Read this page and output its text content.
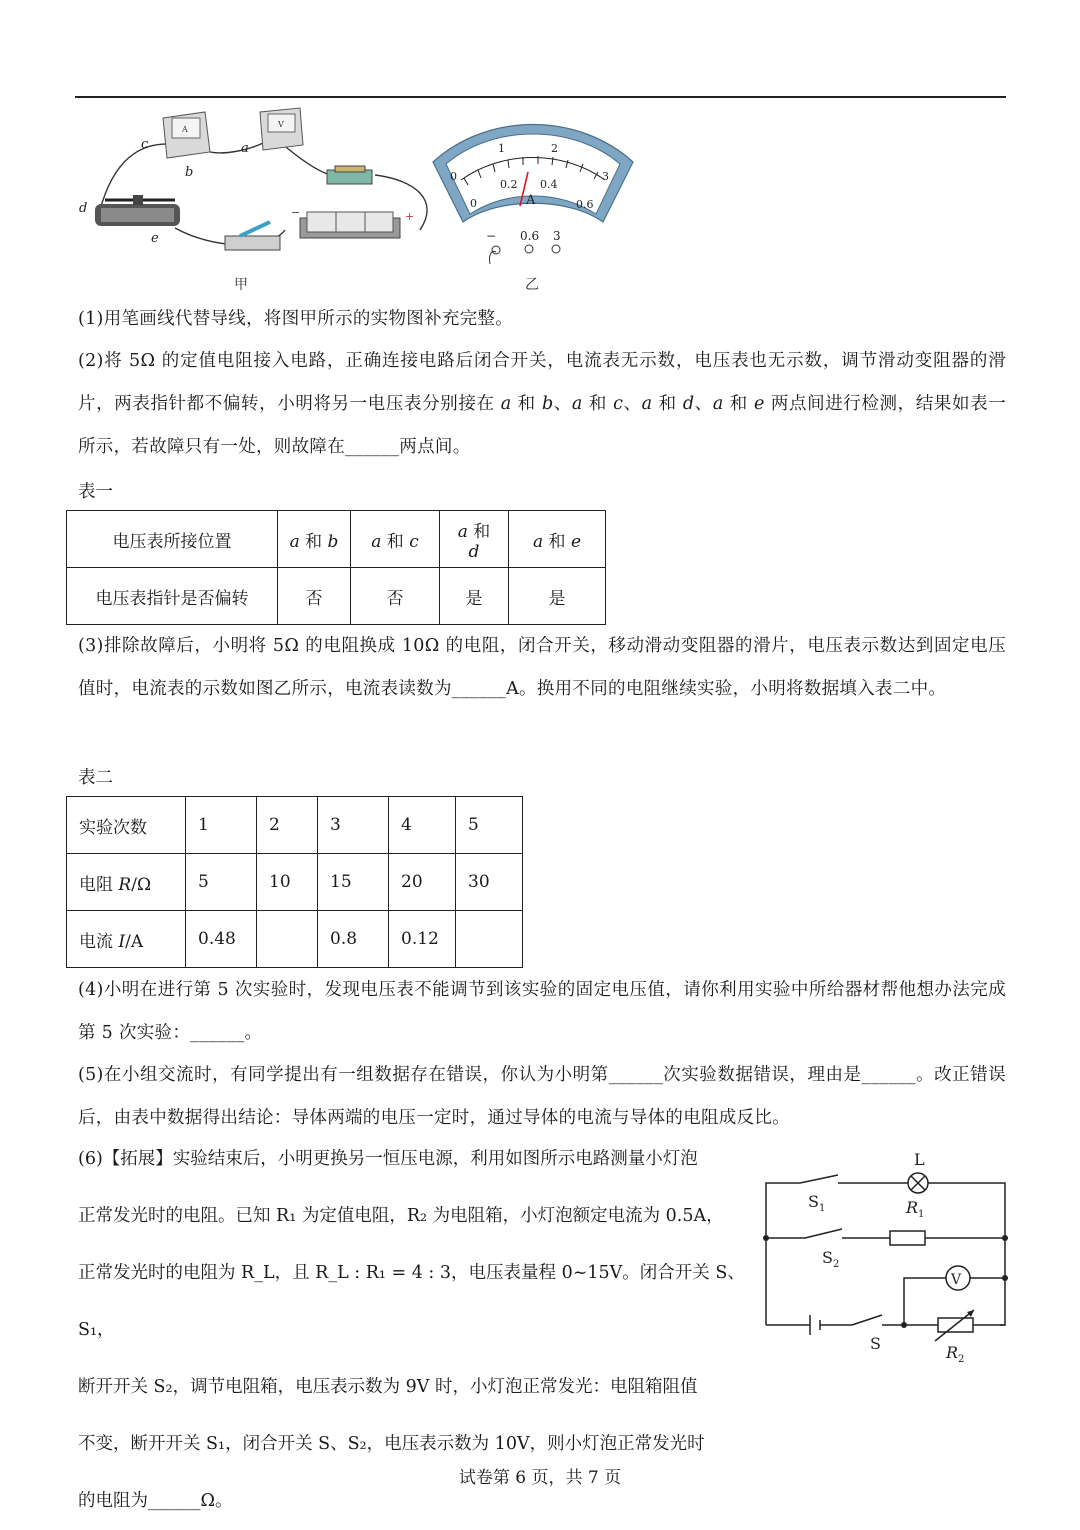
A
V
−	+
c	a
b
d
e
甲
0
1	2
3
0
0.2 0.4
0.6
A
− 0.6 3
乙
(1)用笔画线代替导线，将图甲所示的实物图补充完整。
(2)将 5Ω 的定值电阻接入电路，正确连接电路后闭合开关，电流表无示数，电压表也无示数，调节滑动变阻器的滑片，两表指针都不偏转，小明将另一电压表分别接在 a 和 b、a 和 c、a 和 d、a 和 e 两点间进行检测，结果如表一所示，若故障只有一处，则故障在______两点间。
表一
电压表所接位置	a 和 b	a 和 c	a 和 d	a 和 e
电压表指针是否偏转	否	否	是	是
(3)排除故障后，小明将 5Ω 的电阻换成 10Ω 的电阻，闭合开关，移动滑动变阻器的滑片，电压表示数达到固定电压值时，电流表的示数如图乙所示，电流表读数为______A。换用不同的电阻继续实验，小明将数据填入表二中。
表二
实验次数	1	2	3	4	5
电阻 R/Ω	5	10	15	20	30
电流 I/A	0.48		0.8	0.12	
(4)小明在进行第 5 次实验时，发现电压表不能调节到该实验的固定电压值，请你利用实验中所给器材帮他想办法完成第 5 次实验：______。
(5)在小组交流时，有同学提出有一组数据存在错误，你认为小明第______次实验数据错误，理由是______。改正错误后，由表中数据得出结论：导体两端的电压一定时，通过导体的电流与导体的电阻成反比。
(6)【拓展】实验结束后，小明更换另一恒压电源，利用如图所示电路测量小灯泡
正常发光时的电阻。已知 R₁ 为定值电阻，R₂ 为电阻箱，小灯泡额定电流为 0.5A，
正常发光时的电阻为 R_L，且 R_L : R₁ = 4 : 3，电压表量程 0~15V。闭合开关 S、S₁，
断开开关 S₂，调节电阻箱，电压表示数为 9V 时，小灯泡正常发光：电阻箱阻值
不变，断开开关 S₁，闭合开关 S、S₂，电压表示数为 10V，则小灯泡正常发光时
的电阻为______Ω。
L
$R_1$
$S_1$
$S_2$
V
S	$R_2$
试卷第 6 页，共 7 页
